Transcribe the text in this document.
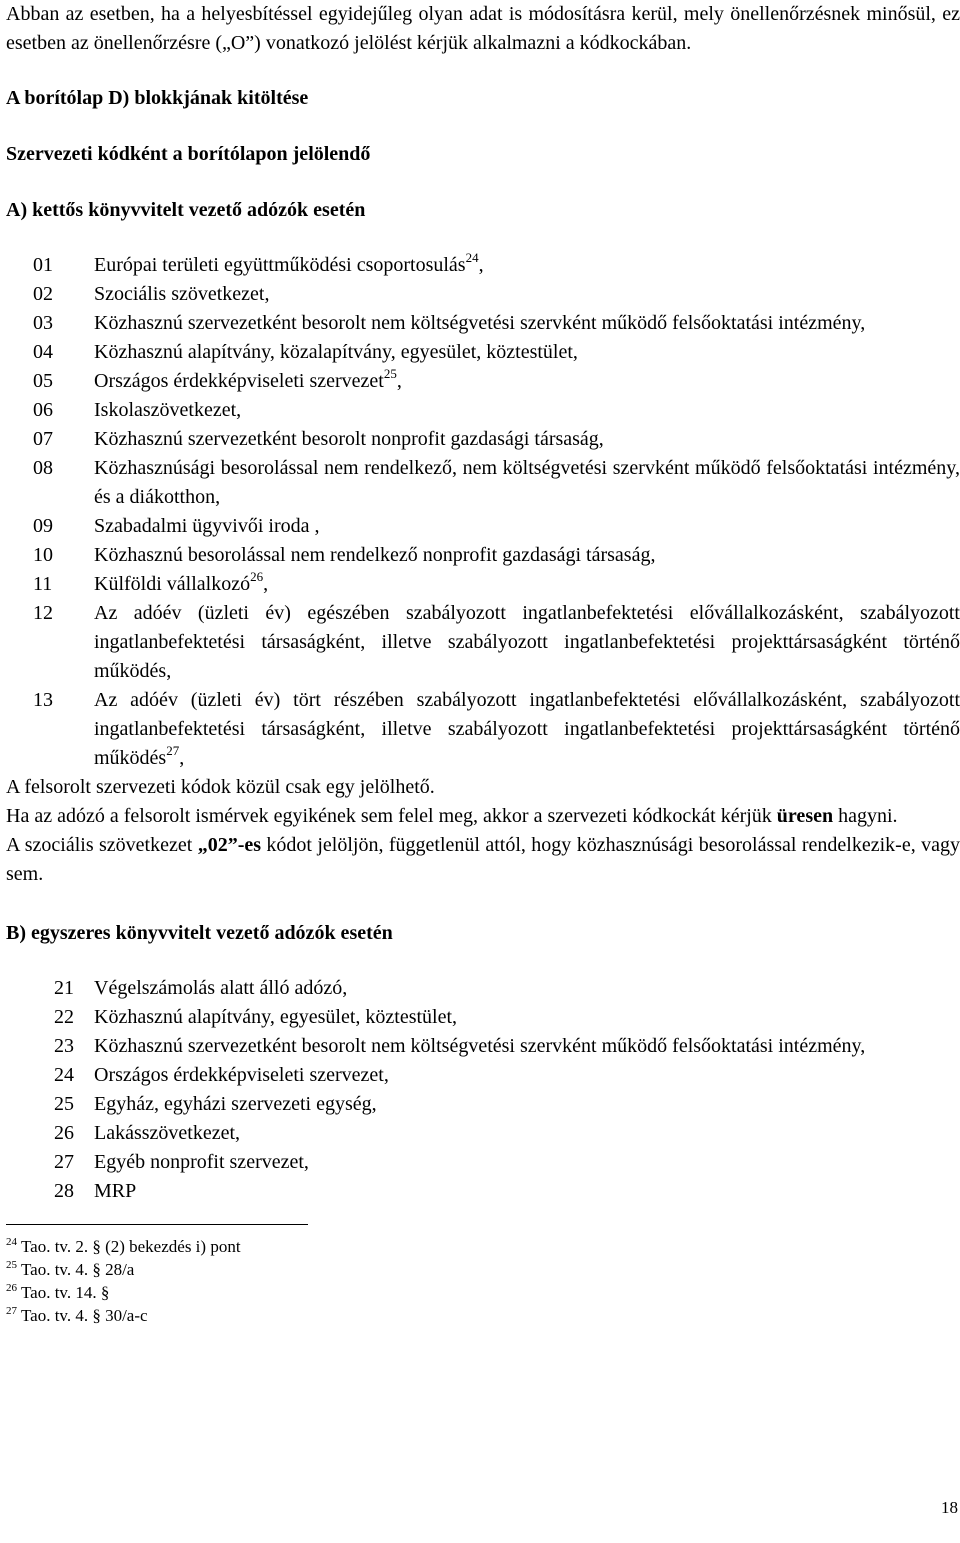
Abban az esetben, ha a helyesbítéssel egyidejűleg olyan adat is módosításra kerül, mely önellenőrzésnek minősül, ez esetben az önellenőrzésre („O”) vonatkozó jelölést kérjük alkalmazni a kódkockában.

A borítólap D) blokkjának kitöltése

Szervezeti kódként a borítólapon jelölendő

A) kettős könyvvitelt vezető adózók esetén

01 Európai területi együttműködési csoportosulás$^{24}$,
02 Szociális szövetkezet,
03 Közhasznú szervezetként besorolt nem költségvetési szervként működő felsőoktatási intézmény,
04 Közhasznú alapítvány, közalapítvány, egyesület, köztestület,
05 Országos érdekképviseleti szervezet$^{25}$,
06 Iskolaszövetkezet,
07 Közhasznú szervezetként besorolt nonprofit gazdasági társaság,
08 Közhasznúsági besorolással nem rendelkező, nem költségvetési szervként működő felsőoktatási intézmény, és a diákotthon,
09 Szabadalmi ügyvivői iroda ,
10 Közhasznú besorolással nem rendelkező nonprofit gazdasági társaság,
11 Külföldi vállalkozó$^{26}$,
12 Az adóév (üzleti év) egészében szabályozott ingatlanbefektetési elővállalkozásként, szabályozott ingatlanbefektetési társaságként, illetve szabályozott ingatlanbefektetési projekttársaságként történő működés,
13 Az adóév (üzleti év) tört részében szabályozott ingatlanbefektetési elővállalkozásként, szabályozott ingatlanbefektetési társaságként, illetve szabályozott ingatlanbefektetési projekttársaságként történő működés$^{27}$,

A felsorolt szervezeti kódok közül csak egy jelölhető.

Ha az adózó a felsorolt ismérvek egyikének sem felel meg, akkor a szervezeti kódkockát kérjük üresen hagyni.

A szociális szövetkezet „02”-es kódot jelöljön, függetlenül attól, hogy közhasznúsági besorolással rendelkezik-e, vagy sem.

B) egyszeres könyvvitelt vezető adózók esetén

21 Végelszámolás alatt álló adózó,
22 Közhasznú alapítvány, egyesület, köztestület,
23 Közhasznú szervezetként besorolt nem költségvetési szervként működő felsőoktatási intézmény,
24 Országos érdekképviseleti szervezet,
25 Egyház, egyházi szervezeti egység,
26 Lakásszövetkezet,
27 Egyéb nonprofit szervezet,
28 MRP
$^{24}$ Tao. tv. 2. § (2) bekezdés i) pont
$^{25}$ Tao. tv. 4. § 28/a
$^{26}$ Tao. tv. 14. §
$^{27}$ Tao. tv. 4. § 30/a-c
18
